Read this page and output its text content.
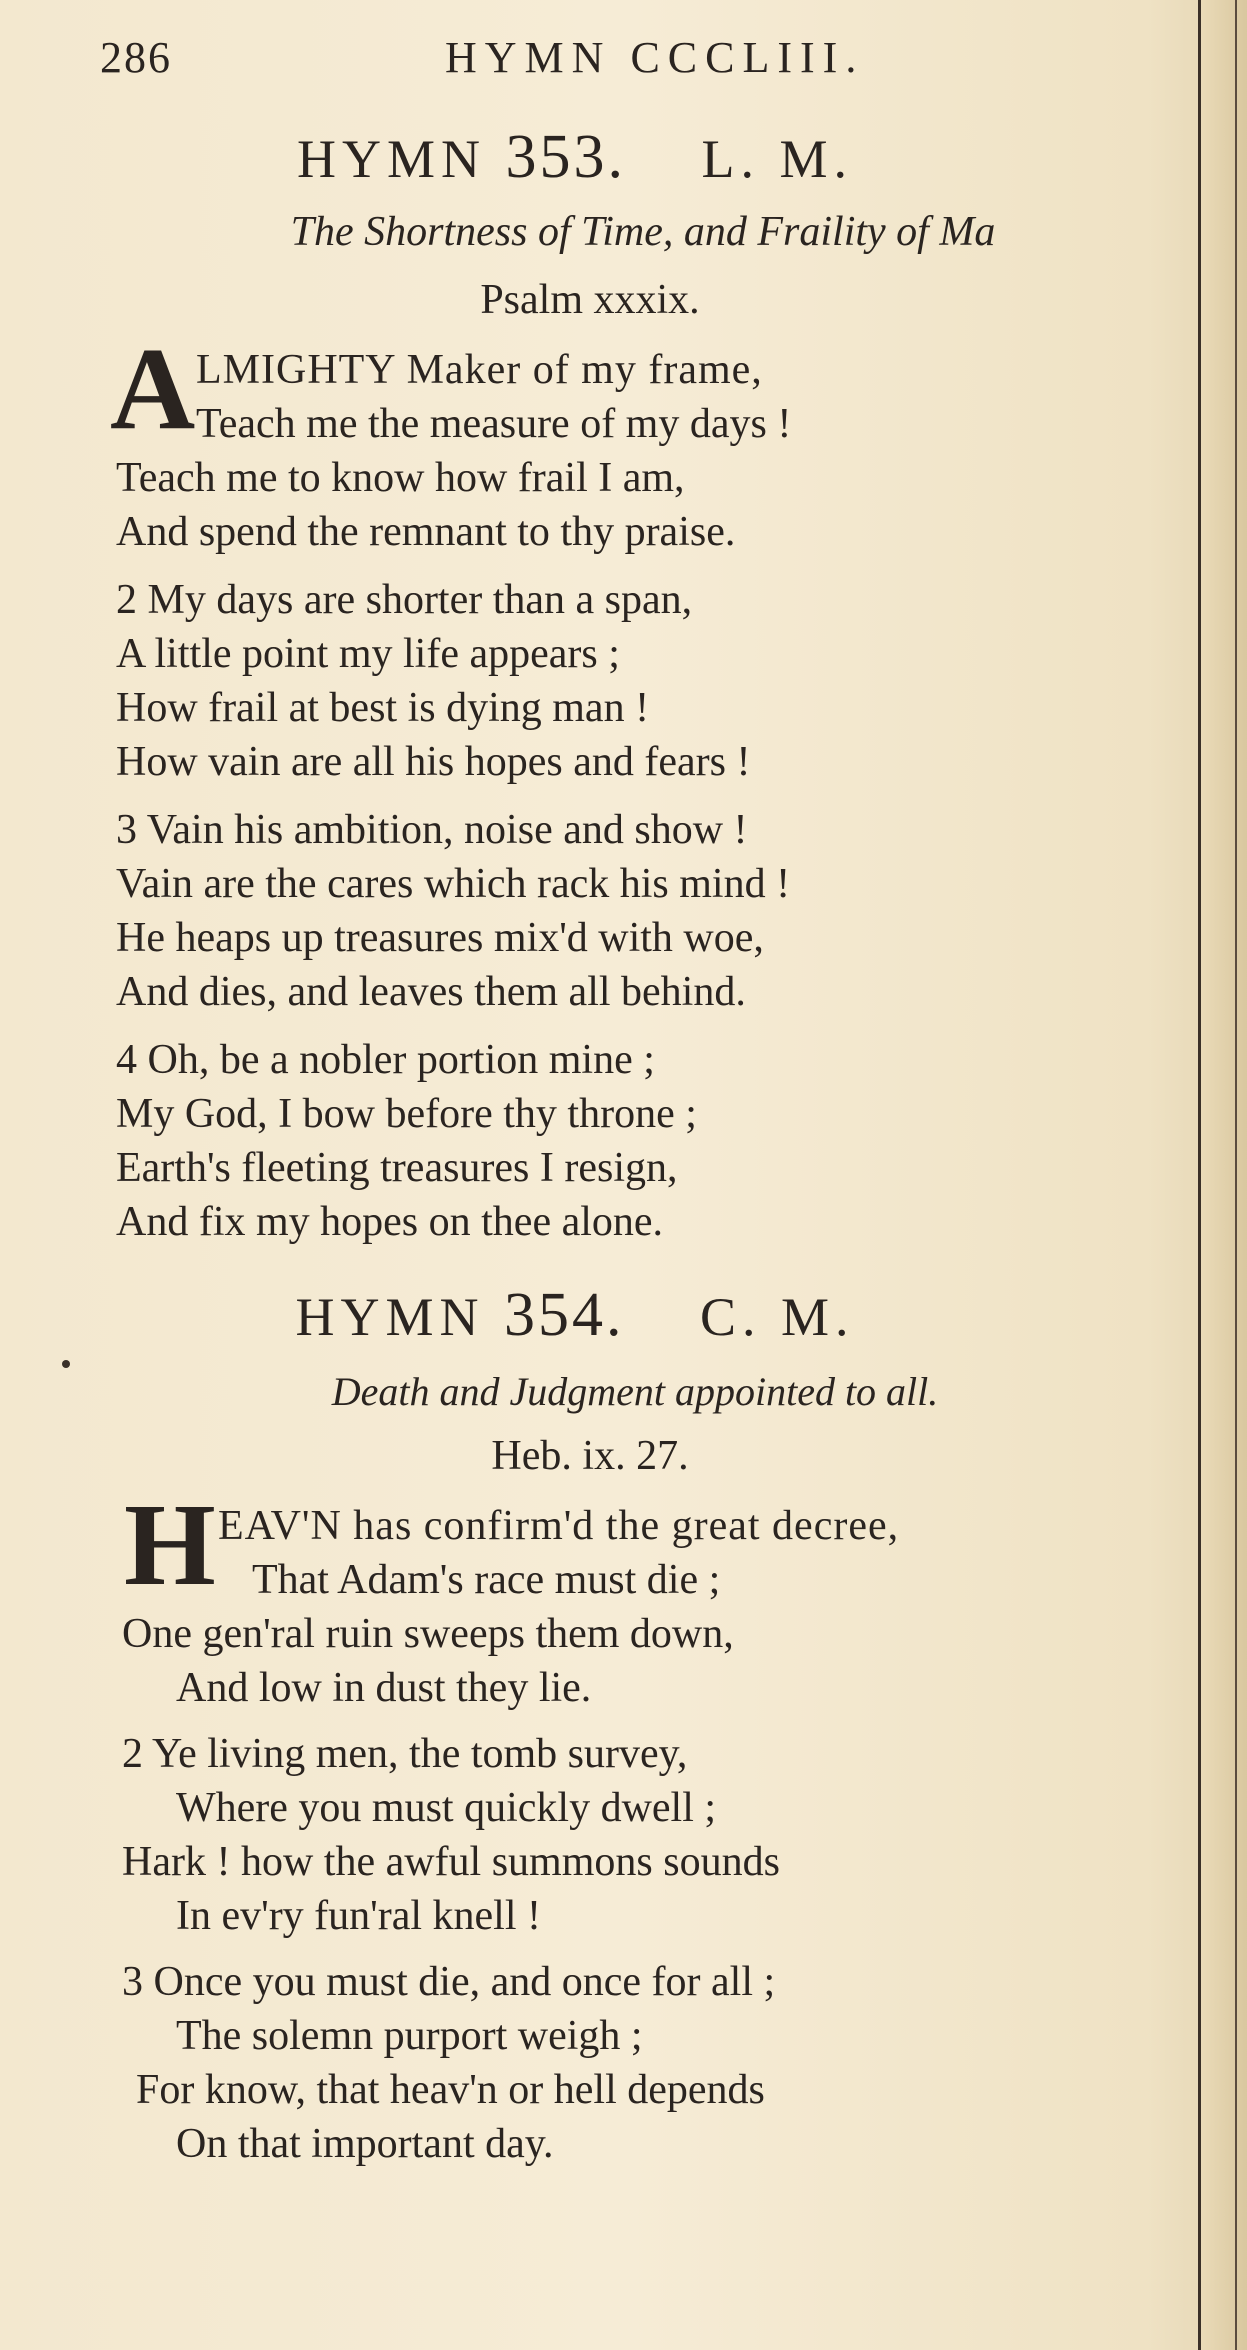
286	HYMN CCCLIII.
HYMN 353. L. M.
The Shortness of Time, and Fraility of Ma
Psalm xxxix.
A LMIGHTY Maker of my frame,
Teach me the measure of my days !
Teach me to know how frail I am,
And spend the remnant to thy praise.
2 My days are shorter than a span,
A little point my life appears ;
How frail at best is dying man !
How vain are all his hopes and fears !
3 Vain his ambition, noise and show !
Vain are the cares which rack his mind !
He heaps up treasures mix'd with woe,
And dies, and leaves them all behind.
4 Oh, be a nobler portion mine ;
My God, I bow before thy throne ;
Earth's fleeting treasures I resign,
And fix my hopes on thee alone.
HYMN 354. C. M.
Death and Judgment appointed to all.
Heb. ix. 27.
H EAV'N has confirm'd the great decree,
That Adam's race must die ;
One gen'ral ruin sweeps them down,
And low in dust they lie.
2 Ye living men, the tomb survey,
Where you must quickly dwell ;
Hark ! how the awful summons sounds
In ev'ry fun'ral knell !
3 Once you must die, and once for all ;
The solemn purport weigh ;
For know, that heav'n or hell depends
On that important day.
